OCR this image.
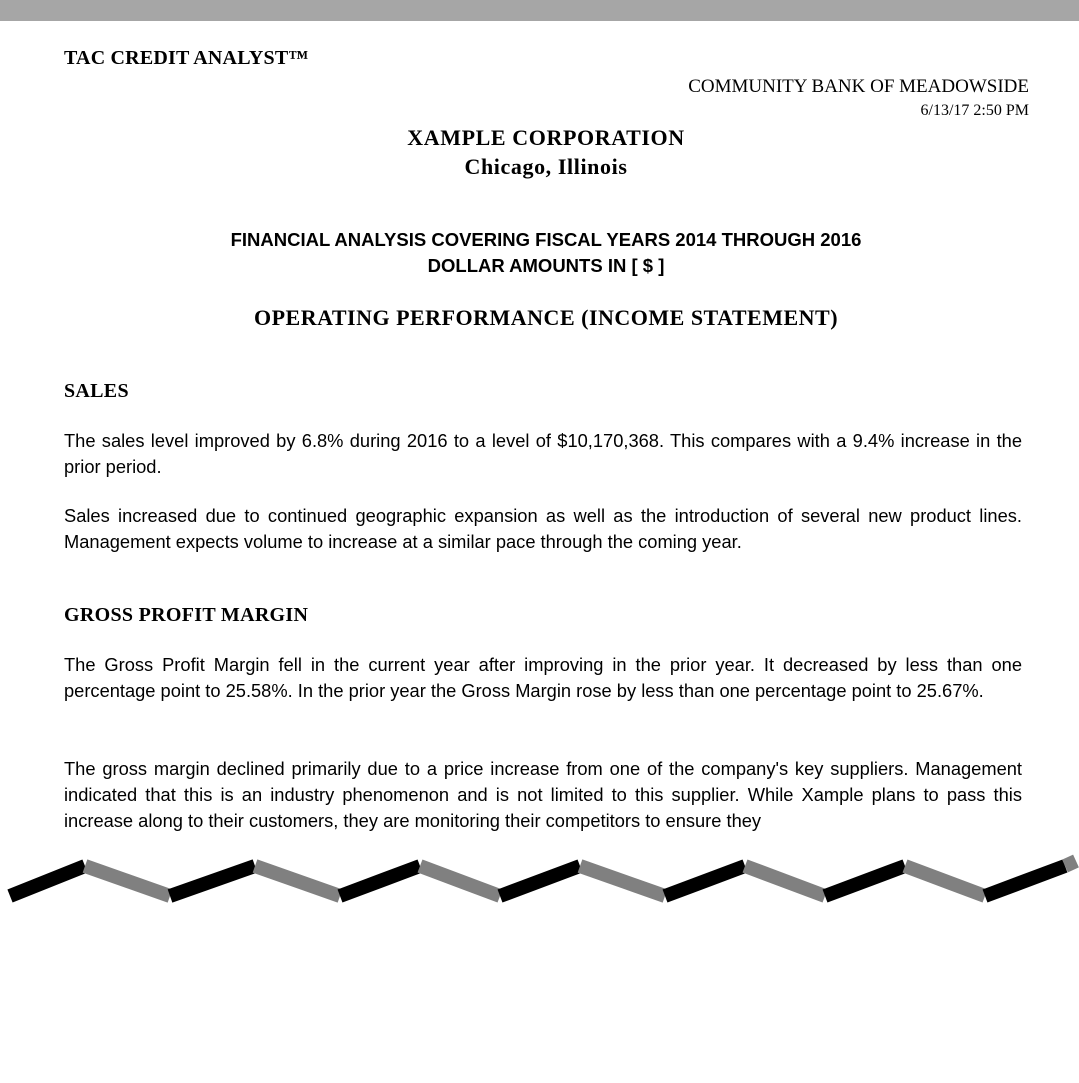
TAC CREDIT ANALYST™

COMMUNITY BANK OF MEADOWSIDE

6/13/17 2:50 PM

XAMPLE CORPORATION

Chicago, Illinois

FINANCIAL ANALYSIS COVERING FISCAL YEARS 2014 THROUGH 2016

DOLLAR AMOUNTS IN [ $ ]

OPERATING PERFORMANCE (INCOME STATEMENT)

SALES

The sales level improved by 6.8% during 2016 to a level of $10,170,368. This compares with a 9.4% increase in the prior period.

Sales increased due to continued geographic expansion as well as the introduction of several new product lines. Management expects volume to increase at a similar pace through the coming year.

GROSS PROFIT MARGIN

The Gross Profit Margin fell in the current year after improving in the prior year. It decreased by less than one percentage point to 25.58%. In the prior year the Gross Margin rose by less than one percentage point to 25.67%.

The gross margin declined primarily due to a price increase from one of the company's key suppliers. Management indicated that this is an industry phenomenon and is not limited to this supplier. While Xample plans to pass this increase along to their customers, they are monitoring their competitors to ensure they
